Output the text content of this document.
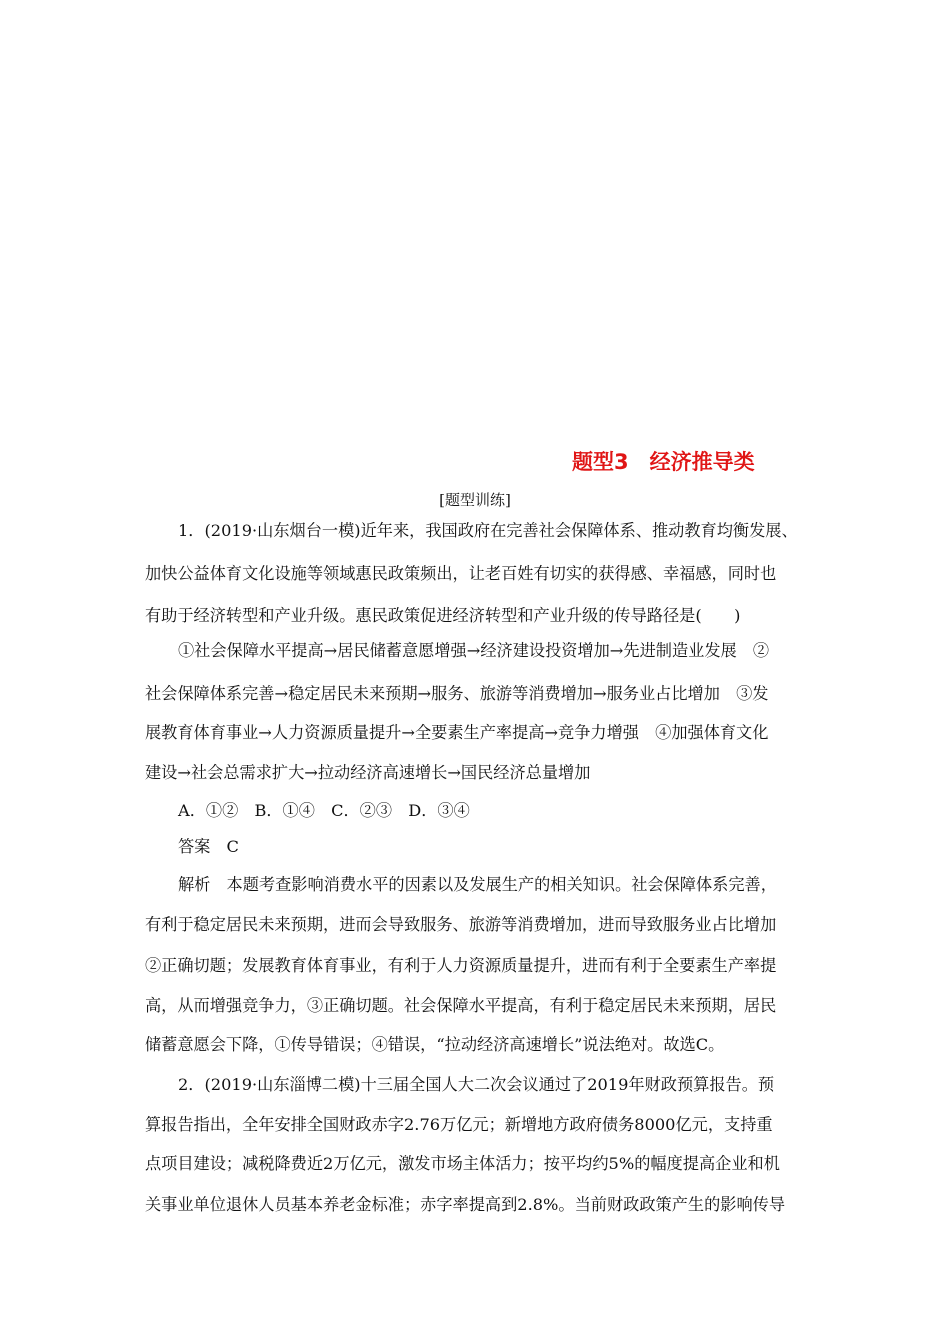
题型3　经济推导类
[题型训练]
1．(2019·山东烟台一模)近年来，我国政府在完善社会保障体系、推动教育均衡发展、
加快公益体育文化设施等领域惠民政策频出，让老百姓有切实的获得感、幸福感，同时也
有助于经济转型和产业升级。惠民政策促进经济转型和产业升级的传导路径是(　　)
①社会保障水平提高→居民储蓄意愿增强→经济建设投资增加→先进制造业发展　②
社会保障体系完善→稳定居民未来预期→服务、旅游等消费增加→服务业占比增加　③发
展教育体育事业→人力资源质量提升→全要素生产率提高→竞争力增强　④加强体育文化
建设→社会总需求扩大→拉动经济高速增长→国民经济总量增加
A．①②　B．①④　C．②③　D．③④
答案　C
解析　本题考查影响消费水平的因素以及发展生产的相关知识。社会保障体系完善，
有利于稳定居民未来预期，进而会导致服务、旅游等消费增加，进而导致服务业占比增加
②正确切题；发展教育体育事业，有利于人力资源质量提升，进而有利于全要素生产率提
高，从而增强竞争力，③正确切题。社会保障水平提高，有利于稳定居民未来预期，居民
储蓄意愿会下降，①传导错误；④错误，“拉动经济高速增长”说法绝对。故选C。
2．(2019·山东淄博二模)十三届全国人大二次会议通过了2019年财政预算报告。预
算报告指出，全年安排全国财政赤字2.76万亿元；新增地方政府债务8000亿元，支持重
点项目建设；减税降费近2万亿元，激发市场主体活力；按平均约5%的幅度提高企业和机
关事业单位退休人员基本养老金标准；赤字率提高到2.8%。当前财政政策产生的影响传导
